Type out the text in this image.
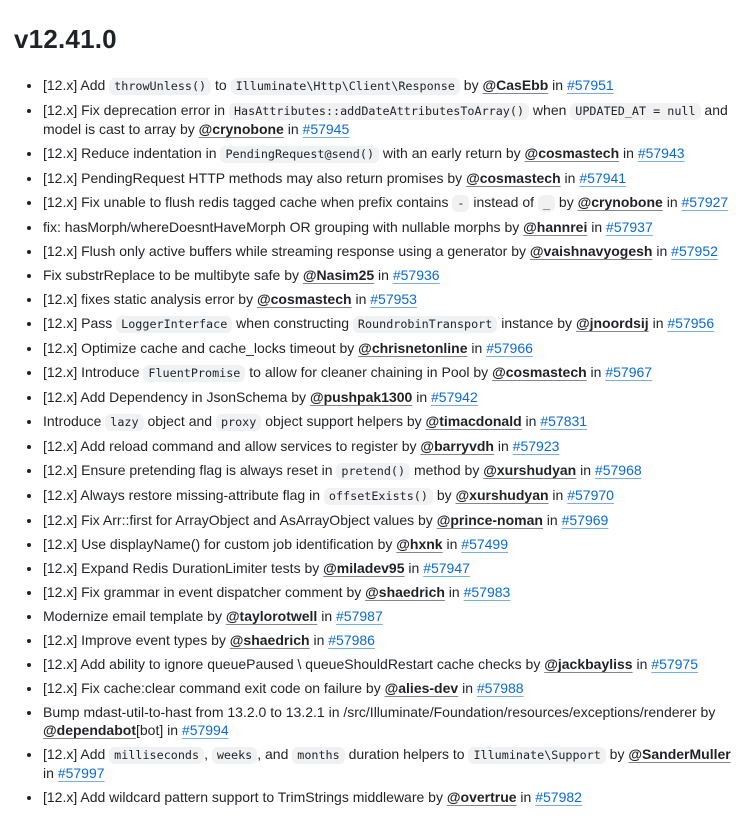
v12.41.0
• [12.x] Add throwUnless() to Illuminate\Http\Client\Response by @CasEbb in #57951
• [12.x] Fix deprecation error in HasAttributes::addDateAttributesToArray() when UPDATED_AT = null and model is cast to array by @crynobone in #57945
• [12.x] Reduce indentation in PendingRequest@send() with an early return by @cosmastech in #57943
• [12.x] PendingRequest HTTP methods may also return promises by @cosmastech in #57941
• [12.x] Fix unable to flush redis tagged cache when prefix contains - instead of _ by @crynobone in #57927
• fix: hasMorph/whereDoesntHaveMorph OR grouping with nullable morphs by @hannrei in #57937
• [12.x] Flush only active buffers while streaming response using a generator by @vaishnavyogesh in #57952
• Fix substrReplace to be multibyte safe by @Nasim25 in #57936
• [12.x] fixes static analysis error by @cosmastech in #57953
• [12.x] Pass LoggerInterface when constructing RoundrobinTransport instance by @jnoordsij in #57956
• [12.x] Optimize cache and cache_locks timeout by @chrisnetonline in #57966
• [12.x] Introduce FluentPromise to allow for cleaner chaining in Pool by @cosmastech in #57967
• [12.x] Add Dependency in JsonSchema by @pushpak1300 in #57942
• Introduce lazy object and proxy object support helpers by @timacdonald in #57831
• [12.x] Add reload command and allow services to register by @barryvdh in #57923
• [12.x] Ensure pretending flag is always reset in pretend() method by @xurshudyan in #57968
• [12.x] Always restore missing-attribute flag in offsetExists() by @xurshudyan in #57970
• [12.x] Fix Arr::first for ArrayObject and AsArrayObject values by @prince-noman in #57969
• [12.x] Use displayName() for custom job identification by @hxnk in #57499
• [12.x] Expand Redis DurationLimiter tests by @miladev95 in #57947
• [12.x] Fix grammar in event dispatcher comment by @shaedrich in #57983
• Modernize email template by @taylorotwell in #57987
• [12.x] Improve event types by @shaedrich in #57986
• [12.x] Add ability to ignore queuePaused \ queueShouldRestart cache checks by @jackbayliss in #57975
• [12.x] Fix cache:clear command exit code on failure by @alies-dev in #57988
• Bump mdast-util-to-hast from 13.2.0 to 13.2.1 in /src/Illuminate/Foundation/resources/exceptions/renderer by @dependabot[bot] in #57994
• [12.x] Add milliseconds , weeks , and months duration helpers to Illuminate\Support by @SanderMuller in #57997
• [12.x] Add wildcard pattern support to TrimStrings middleware by @overtrue in #57982
